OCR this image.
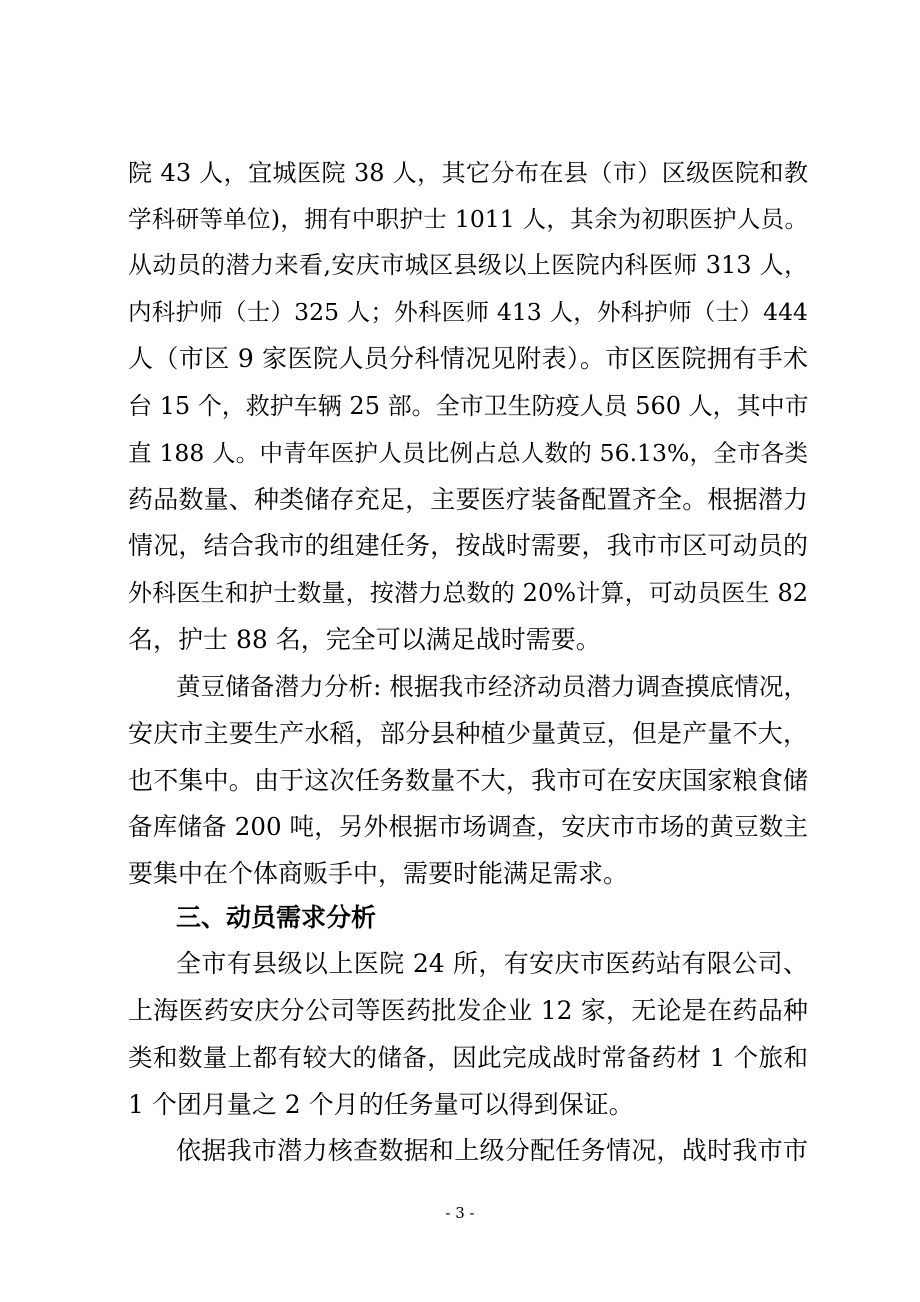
院 43 人，宜城医院 38 人，其它分布在县（市）区级医院和教
学科研等单位)，拥有中职护士 1011 人，其余为初职医护人员。
从动员的潜力来看,安庆市城区县级以上医院内科医师 313 人，
内科护师（士）325 人；外科医师 413 人，外科护师（士）444
人（市区 9 家医院人员分科情况见附表）。市区医院拥有手术
台 15 个，救护车辆 25 部。全市卫生防疫人员 560 人，其中市
直 188 人。中青年医护人员比例占总人数的 56.13%，全市各类
药品数量、种类储存充足，主要医疗装备配置齐全。根据潜力
情况，结合我市的组建任务，按战时需要，我市市区可动员的
外科医生和护士数量，按潜力总数的 20%计算，可动员医生 82
名，护士 88 名，完全可以满足战时需要。
黄豆储备潜力分析: 根据我市经济动员潜力调查摸底情况，
安庆市主要生产水稻，部分县种植少量黄豆，但是产量不大，
也不集中。由于这次任务数量不大，我市可在安庆国家粮食储
备库储备 200 吨，另外根据市场调查，安庆市市场的黄豆数主
要集中在个体商贩手中，需要时能满足需求。
三、动员需求分析
全市有县级以上医院 24 所，有安庆市医药站有限公司、
上海医药安庆分公司等医药批发企业 12 家，无论是在药品种
类和数量上都有较大的储备，因此完成战时常备药材 1 个旅和
1 个团月量之 2 个月的任务量可以得到保证。
依据我市潜力核查数据和上级分配任务情况，战时我市市
- 3 -
